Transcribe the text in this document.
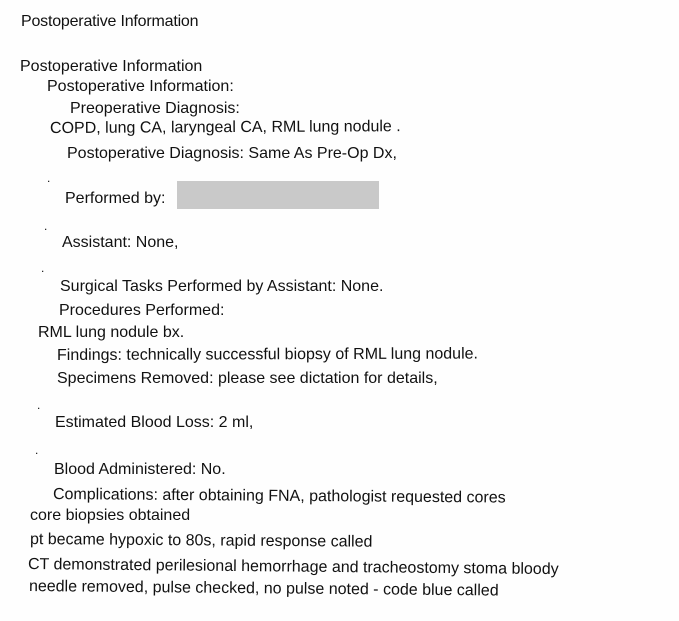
Postoperative Information
Postoperative Information
Postoperative Information:
Preoperative Diagnosis:
COPD, lung CA, laryngeal CA, RML lung nodule .
Postoperative Diagnosis: Same As Pre-Op Dx,
.
Performed by:
.
Assistant: None,
.
Surgical Tasks Performed by Assistant: None.
Procedures Performed:
RML lung nodule bx.
Findings: technically successful biopsy of RML lung nodule.
Specimens Removed: please see dictation for details,
.
Estimated Blood Loss: 2 ml,
.
Blood Administered: No.
Complications: after obtaining FNA, pathologist requested cores
core biopsies obtained
pt became hypoxic to 80s, rapid response called
CT demonstrated perilesional hemorrhage and tracheostomy stoma bloody
needle removed, pulse checked, no pulse noted - code blue called
